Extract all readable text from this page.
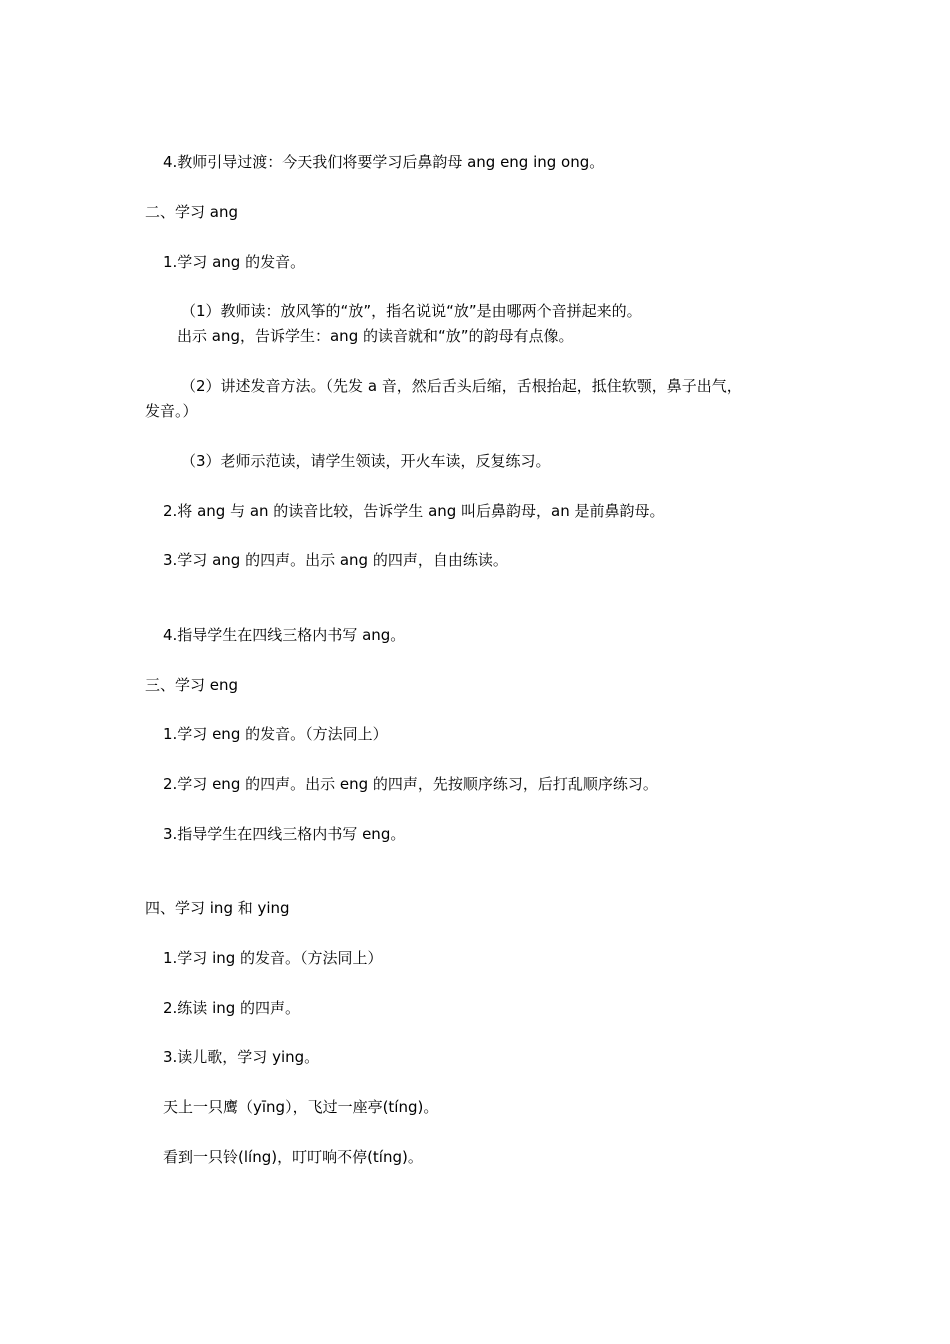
4.教师引导过渡：今天我们将要学习后鼻韵母 ang eng ing ong。
二、学习 ang
1.学习 ang 的发音。
（1）教师读：放风筝的“放”，指名说说“放”是由哪两个音拼起来的。
出示 ang，告诉学生：ang 的读音就和“放”的韵母有点像。
（2）讲述发音方法。（先发 a 音，然后舌头后缩，舌根抬起，抵住软颚，鼻子出气，
发音。）
（3）老师示范读，请学生领读，开火车读，反复练习。
2.将 ang 与 an 的读音比较，告诉学生 ang 叫后鼻韵母，an 是前鼻韵母。
3.学习 ang 的四声。出示 ang 的四声，自由练读。
4.指导学生在四线三格内书写 ang。
三、学习 eng
1.学习 eng 的发音。（方法同上）
2.学习 eng 的四声。出示 eng 的四声，先按顺序练习，后打乱顺序练习。
3.指导学生在四线三格内书写 eng。
四、学习 ing 和 ying
1.学习 ing 的发音。（方法同上）
2.练读 ing 的四声。
3.读儿歌，学习 ying。
天上一只鹰（yīng），飞过一座亭(tíng)。
看到一只铃(líng)，叮叮响不停(tíng)。
